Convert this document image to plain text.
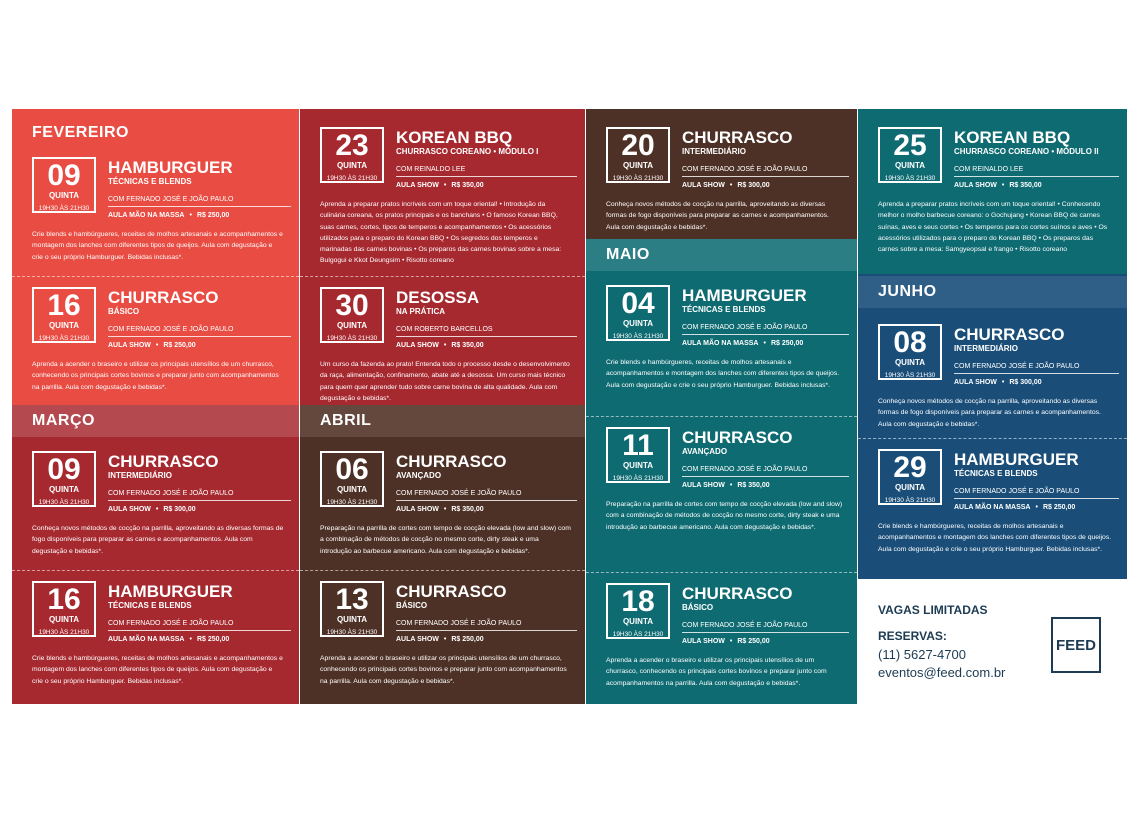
FEVEREIRO
09
QUINTA
19H30 ÀS 21H30
HAMBURGUER
TÉCNICAS E BLENDS
COM FERNADO JOSÉ E JOÃO PAULO
AULA MÃO NA MASSA • R$ 250,00
Crie blends e hambúrgueres, receitas de molhos artesanais e acompanhamentos e montagem dos lanches com diferentes tipos de queijos. Aula com degustação e crie o seu próprio Hamburguer. Bebidas inclusas*.
16
QUINTA
19H30 ÀS 21H30
CHURRASCO
BÁSICO
COM FERNADO JOSÉ E JOÃO PAULO
AULA SHOW • R$ 250,00
Aprenda a acender o braseiro e utilizar os principais utensílios de um churrasco, conhecendo os principais cortes bovinos e preparar junto com acompanhamentos na parrilla. Aula com degustação e bebidas*.
MARÇO
09
QUINTA
19H30 ÀS 21H30
CHURRASCO
INTERMEDIÁRIO
COM FERNADO JOSÉ E JOÃO PAULO
AULA SHOW • R$ 300,00
Conheça novos métodos de cocção na parrilla, aproveitando as diversas formas de fogo disponíveis para preparar as carnes e acompanhamentos. Aula com degustação e bebidas*.
16
QUINTA
19H30 ÀS 21H30
HAMBURGUER
TÉCNICAS E BLENDS
COM FERNADO JOSÉ E JOÃO PAULO
AULA MÃO NA MASSA • R$ 250,00
Crie blends e hambúrgueres, receitas de molhos artesanais e acompanhamentos e montagem dos lanches com diferentes tipos de queijos. Aula com degustação e crie o seu próprio Hamburguer. Bebidas inclusas*.
23
QUINTA
19H30 ÀS 21H30
KOREAN BBQ
CHURRASCO COREANO • MÓDULO I
COM REINALDO LEE
AULA SHOW • R$ 350,00
Aprenda a preparar pratos incríveis com um toque oriental! • Introdução da culinária coreana, os pratos principais e os banchans • O famoso Korean BBQ, suas carnes, cortes, tipos de temperos e acompanhamentos • Os acessórios utilizados para o preparo do Korean BBQ • Os segredos dos temperos e marinadas das carnes bovinas • Os preparos das carnes bovinas sobre a mesa: Bulgogui e Kkot Deungsim • Risotto coreano
30
QUINTA
19H30 ÀS 21H30
DESOSSA
NA PRÁTICA
COM ROBERTO BARCELLOS
AULA SHOW • R$ 350,00
Um curso da fazenda ao prato! Entenda todo o processo desde o desenvolvimento da raça, alimentação, confinamento, abate até a desossa. Um curso mais técnico para quem quer aprender tudo sobre carne bovina de alta qualidade. Aula com degustação e bebidas*.
ABRIL
06
QUINTA
19H30 ÀS 21H30
CHURRASCO
AVANÇADO
COM FERNADO JOSÉ E JOÃO PAULO
AULA SHOW • R$ 350,00
Preparação na parrilla de cortes com tempo de cocção elevada (low and slow) com a combinação de métodos de cocção no mesmo corte, dirty steak e uma introdução ao barbecue americano. Aula com degustação e bebidas*.
13
QUINTA
19H30 ÀS 21H30
CHURRASCO
BÁSICO
COM FERNADO JOSÉ E JOÃO PAULO
AULA SHOW • R$ 250,00
Aprenda a acender o braseiro e utilizar os principais utensílios de um churrasco, conhecendo os principais cortes bovinos e preparar junto com acompanhamentos na parrilla. Aula com degustação e bebidas*.
20
QUINTA
19H30 ÀS 21H30
CHURRASCO
INTERMEDIÁRIO
COM FERNADO JOSÉ E JOÃO PAULO
AULA SHOW • R$ 300,00
Conheça novos métodos de cocção na parrilla, aproveitando as diversas formas de fogo disponíveis para preparar as carnes e acompanhamentos. Aula com degustação e bebidas*.
MAIO
04
QUINTA
19H30 ÀS 21H30
HAMBURGUER
TÉCNICAS E BLENDS
COM FERNADO JOSÉ E JOÃO PAULO
AULA MÃO NA MASSA • R$ 250,00
Crie blends e hambúrgueres, receitas de molhos artesanais e acompanhamentos e montagem dos lanches com diferentes tipos de queijos. Aula com degustação e crie o seu próprio Hamburguer. Bebidas inclusas*.
11
QUINTA
19H30 ÀS 21H30
CHURRASCO
AVANÇADO
COM FERNADO JOSÉ E JOÃO PAULO
AULA SHOW • R$ 350,00
Preparação na parrilla de cortes com tempo de cocção elevada (low and slow) com a combinação de métodos de cocção no mesmo corte, dirty steak e uma introdução ao barbecue americano. Aula com degustação e bebidas*.
18
QUINTA
19H30 ÀS 21H30
CHURRASCO
BÁSICO
COM FERNADO JOSÉ E JOÃO PAULO
AULA SHOW • R$ 250,00
Aprenda a acender o braseiro e utilizar os principais utensílios de um churrasco, conhecendo os principais cortes bovinos e preparar junto com acompanhamentos na parrilla. Aula com degustação e bebidas*.
25
QUINTA
19H30 ÀS 21H30
KOREAN BBQ
CHURRASCO COREANO • MÓDULO II
COM REINALDO LEE
AULA SHOW • R$ 350,00
Aprenda a preparar pratos incríveis com um toque oriental! • Conhecendo melhor o molho barbecue coreano: o Gochujang • Korean BBQ de carnes suínas, aves e seus cortes • Os temperos para os cortes suínos e aves • Os acessórios utilizados para o preparo do Korean BBQ • Os preparos das carnes sobre a mesa: Samgyeopsal e frango • Risotto coreano
JUNHO
08
QUINTA
19H30 ÀS 21H30
CHURRASCO
INTERMEDIÁRIO
COM FERNADO JOSÉ E JOÃO PAULO
AULA SHOW • R$ 300,00
Conheça novos métodos de cocção na parrilla, aproveitando as diversas formas de fogo disponíveis para preparar as carnes e acompanhamentos. Aula com degustação e bebidas*.
29
QUINTA
19H30 ÀS 21H30
HAMBURGUER
TÉCNICAS E BLENDS
COM FERNADO JOSÉ E JOÃO PAULO
AULA MÃO NA MASSA • R$ 250,00
Crie blends e hambúrgueres, receitas de molhos artesanais e acompanhamentos e montagem dos lanches com diferentes tipos de queijos. Aula com degustação e crie o seu próprio Hamburguer. Bebidas inclusas*.
VAGAS LIMITADAS
RESERVAS:
(11) 5627-4700
eventos@feed.com.br
FEED
